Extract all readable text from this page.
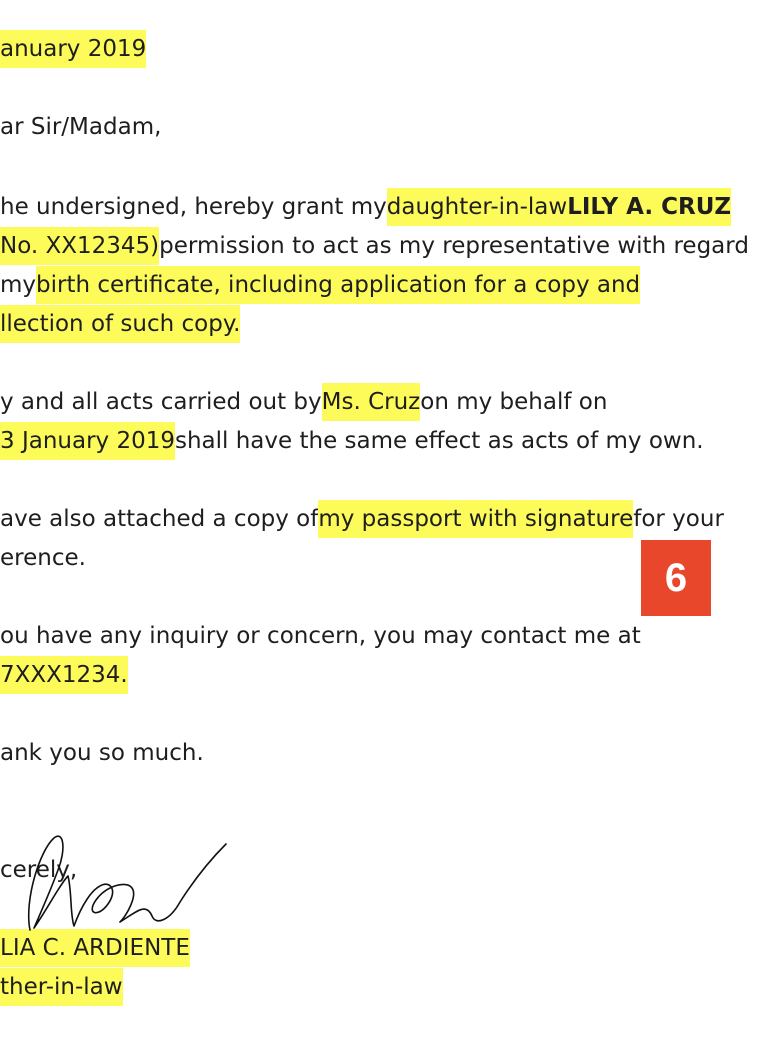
anuary 2019
ar Sir/Madam,
he undersigned, hereby grant mydaughter-in-lawLILY A. CRUZ
No. XX12345)permission to act as my representative with regard
mybirth certificate, including application for a copy and
llection of such copy.
y and all acts carried out byMs. Cruzon my behalf on
3 January 2019shall have the same effect as acts of my own.
ave also attached a copy ofmy passport with signaturefor your
erence.
ou have any inquiry or concern, you may contact me at
7XXX1234.
ank you so much.
cerely,
LIA C. ARDIENTE
ther-in-law
6
